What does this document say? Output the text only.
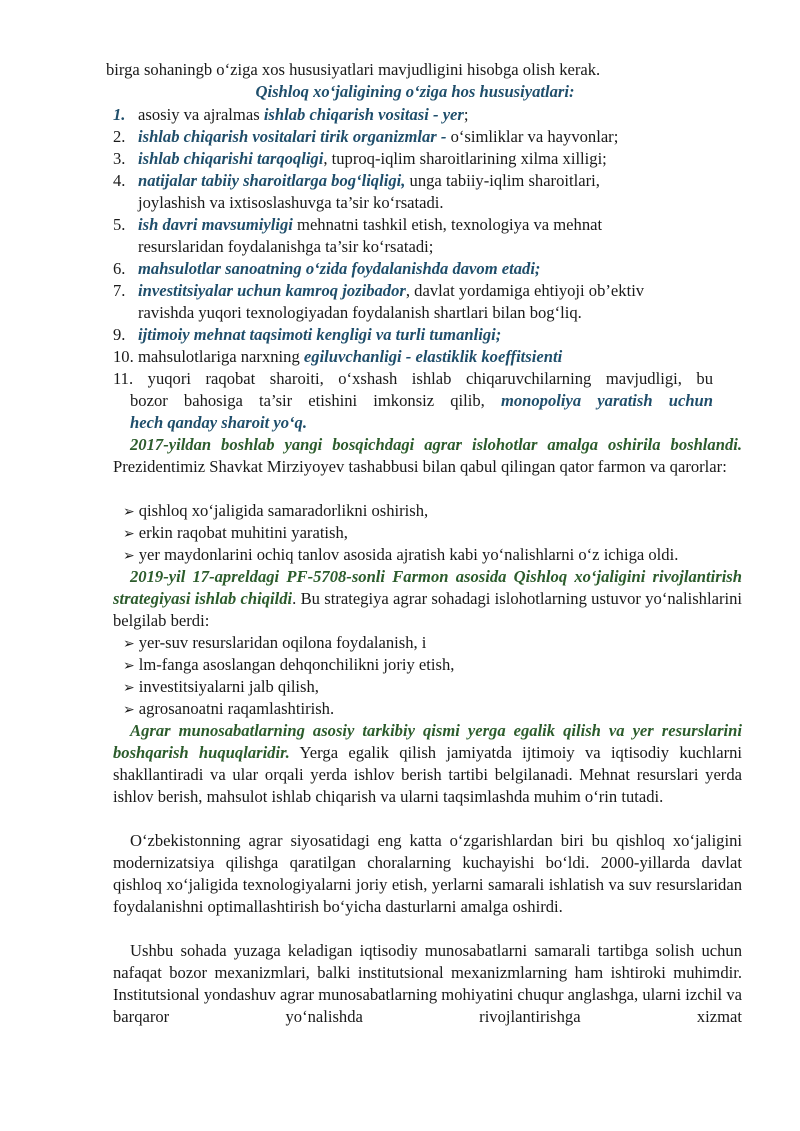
birga sohaningb o‘ziga xos hususiyatlari mavjudligini hisobga olish kerak.
Qishloq xo‘jaligining o‘ziga hos hususiyatlari:
1. asosiy va ajralmas ishlab chiqarish vositasi - yer;
2. ishlab chiqarish vositalari tirik organizmlar - o‘simliklar va hayvonlar;
3. ishlab chiqarishi tarqoqligi, tuproq-iqlim sharoitlarining xilma xilligi;
4. natijalar tabiiy sharoitlarga bog‘liqligi, unga tabiiy-iqlim sharoitlari,
joylashish va ixtisoslashuvga ta’sir ko‘rsatadi.
5. ish davri mavsumiyligi mehnatni tashkil etish, texnologiya va mehnat
resurslaridan foydalanishga ta’sir ko‘rsatadi;
6. mahsulotlar sanoatning o‘zida foydalanishda davom etadi;
7. investitsiyalar uchun kamroq jozibador, davlat yordamiga ehtiyoji ob’ektiv
ravishda yuqori texnologiyadan foydalanish shartlari bilan bog‘liq.
9. ijtimoiy mehnat taqsimoti kengligi va turli tumanligi;
10. mahsulotlariga narxning egiluvchanligi - elastiklik koeffitsienti
11. yuqori raqobat sharoiti, o‘xshash ishlab chiqaruvchilarning mavjudligi, bu
bozor bahosiga ta’sir etishini imkonsiz qilib, monopoliya yaratish uchun
hech qanday sharoit yo‘q.
2017-yildan boshlab yangi bosqichdagi agrar islohotlar amalga oshirila boshlandi. Prezidentimiz Shavkat Mirziyoyev tashabbusi bilan qabul qilingan qator farmon va qarorlar:
➢ qishloq xo‘jaligida samaradorlikni oshirish,
➢ erkin raqobat muhitini yaratish,
➢ yer maydonlarini ochiq tanlov asosida ajratish kabi yo‘nalishlarni o‘z ichiga oldi.
2019-yil 17-apreldagi PF-5708-sonli Farmon asosida Qishloq xo‘jaligini rivojlantirish strategiyasi ishlab chiqildi. Bu strategiya agrar sohadagi islohotlarning ustuvor yo‘nalishlarini belgilab berdi:
➢ yer-suv resurslaridan oqilona foydalanish, i
➢ lm-fanga asoslangan dehqonchilikni joriy etish,
➢ investitsiyalarni jalb qilish,
➢ agrosanoatni raqamlashtirish.
Agrar munosabatlarning asosiy tarkibiy qismi yerga egalik qilish va yer resurslarini boshqarish huquqlaridir. Yerga egalik qilish jamiyatda ijtimoiy va iqtisodiy kuchlarni shakllantiradi va ular orqali yerda ishlov berish tartibi belgilanadi. Mehnat resurslari yerda ishlov berish, mahsulot ishlab chiqarish va ularni taqsimlashda muhim o‘rin tutadi.
O‘zbekistonning agrar siyosatidagi eng katta o‘zgarishlardan biri bu qishloq xo‘jaligini modernizatsiya qilishga qaratilgan choralarning kuchayishi bo‘ldi. 2000-yillarda davlat qishloq xo‘jaligida texnologiyalarni joriy etish, yerlarni samarali ishlatish va suv resurslaridan foydalanishni optimallashtirish bo‘yicha dasturlarni amalga oshirdi.
Ushbu sohada yuzaga keladigan iqtisodiy munosabatlarni samarali tartibga solish uchun nafaqat bozor mexanizmlari, balki institutsional mexanizmlarning ham ishtiroki muhimdir. Institutsional yondashuv agrar munosabatlarning mohiyatini chuqur anglashga, ularni izchil va barqaror yo‘nalishda rivojlantirishga xizmat
